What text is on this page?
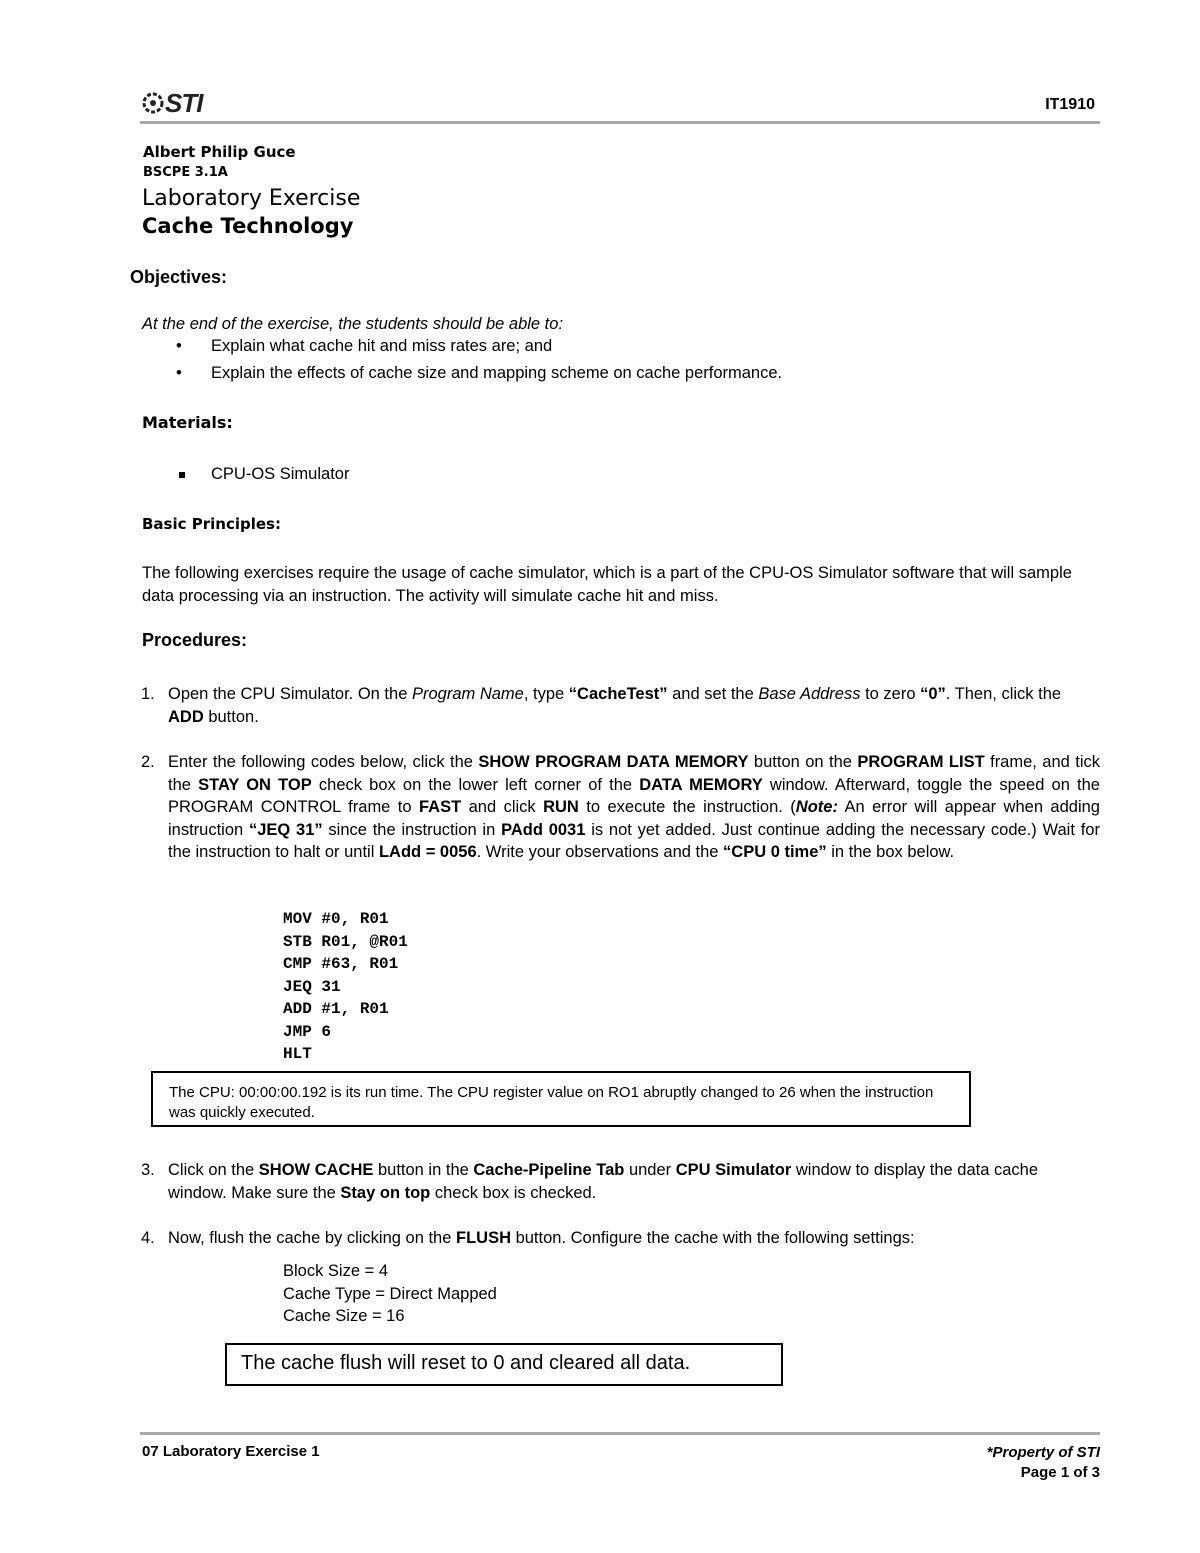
STI	IT1910
Albert Philip Guce
BSCPE 3.1A
Laboratory Exercise
Cache Technology
Objectives:
At the end of the exercise, the students should be able to:
• Explain what cache hit and miss rates are; and
• Explain the effects of cache size and mapping scheme on cache performance.
Materials:
CPU-OS Simulator
Basic Principles:
The following exercises require the usage of cache simulator, which is a part of the CPU-OS Simulator software that will sample data processing via an instruction. The activity will simulate cache hit and miss.
Procedures:
1. Open the CPU Simulator. On the Program Name, type “CacheTest” and set the Base Address to zero “0”. Then, click the ADD button.
2. Enter the following codes below, click the SHOW PROGRAM DATA MEMORY button on the PROGRAM LIST frame, and tick the STAY ON TOP check box on the lower left corner of the DATA MEMORY window. Afterward, toggle the speed on the PROGRAM CONTROL frame to FAST and click RUN to execute the instruction. (Note: An error will appear when adding instruction “JEQ 31” since the instruction in PAdd 0031 is not yet added. Just continue adding the necessary code.) Wait for the instruction to halt or until LAdd = 0056. Write your observations and the “CPU 0 time” in the box below.
MOV #0, R01
STB R01, @R01
CMP #63, R01
JEQ 31
ADD #1, R01
JMP 6
HLT
The CPU: 00:00:00.192 is its run time. The CPU register value on RO1 abruptly changed to 26 when the instruction was quickly executed.
3. Click on the SHOW CACHE button in the Cache-Pipeline Tab under CPU Simulator window to display the data cache window. Make sure the Stay on top check box is checked.
4. Now, flush the cache by clicking on the FLUSH button. Configure the cache with the following settings:
Block Size = 4
Cache Type = Direct Mapped
Cache Size = 16
The cache flush will reset to 0 and cleared all data.
07 Laboratory Exercise 1	*Property of STI
Page 1 of 3
